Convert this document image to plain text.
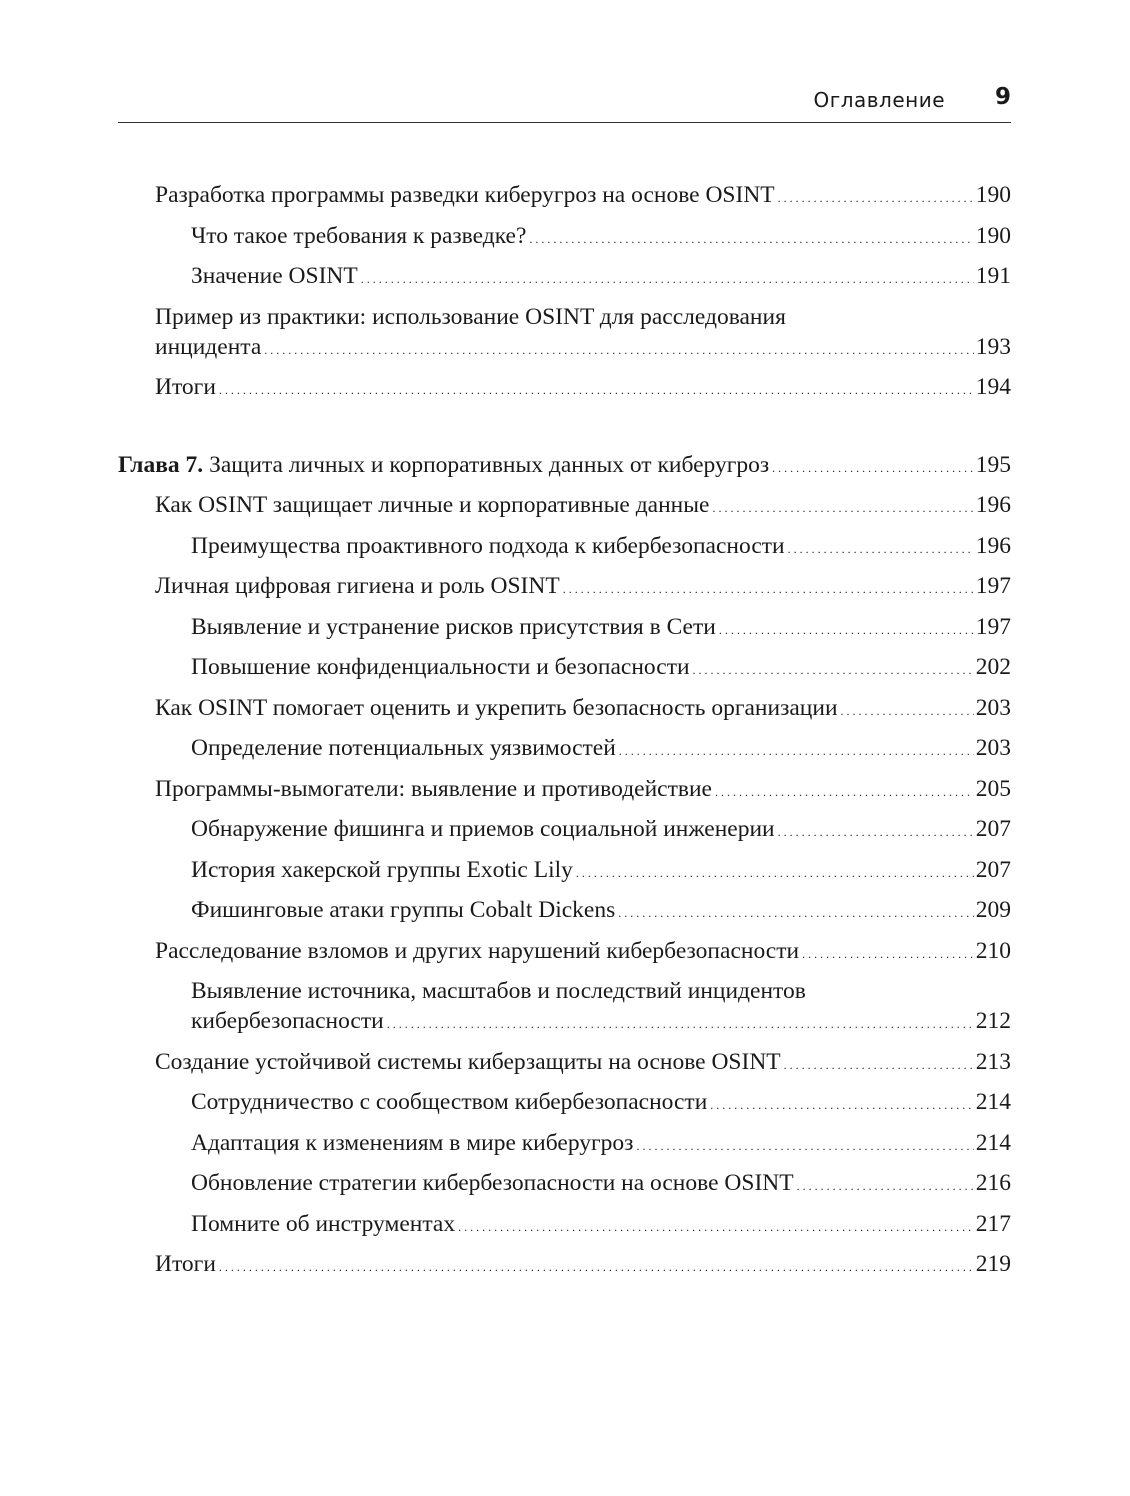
Оглавление 9
Разработка программы разведки киберугроз на основе OSINT . . .	190
Что такое требования к разведке? . . .	190
Значение OSINT . . .	191
Пример из практики: использование OSINT для расследования
инцидента . . .	193
Итоги . . .	194
Глава 7. Защита личных и корпоративных данных от киберугроз . . .	195
Как OSINT защищает личные и корпоративные данные . . .	196
Преимущества проактивного подхода к кибербезопасности . . .	196
Личная цифровая гигиена и роль OSINT . . .	197
Выявление и устранение рисков присутствия в Сети . . .	197
Повышение конфиденциальности и безопасности . . .	202
Как OSINT помогает оценить и укрепить безопасность организации . . .	203
Определение потенциальных уязвимостей . . .	203
Программы-вымогатели: выявление и противодействие . . .	205
Обнаружение фишинга и приемов социальной инженерии . . .	207
История хакерской группы Exotic Lily . . .	207
Фишинговые атаки группы Cobalt Dickens . . .	209
Расследование взломов и других нарушений кибербезопасности . . .	210
Выявление источника, масштабов и последствий инцидентов
кибербезопасности . . .	212
Создание устойчивой системы киберзащиты на основе OSINT . . .	213
Сотрудничество с сообществом кибербезопасности . . .	214
Адаптация к изменениям в мире киберугроз . . .	214
Обновление стратегии кибербезопасности на основе OSINT . . .	216
Помните об инструментах . . .	217
Итоги . . .	219
